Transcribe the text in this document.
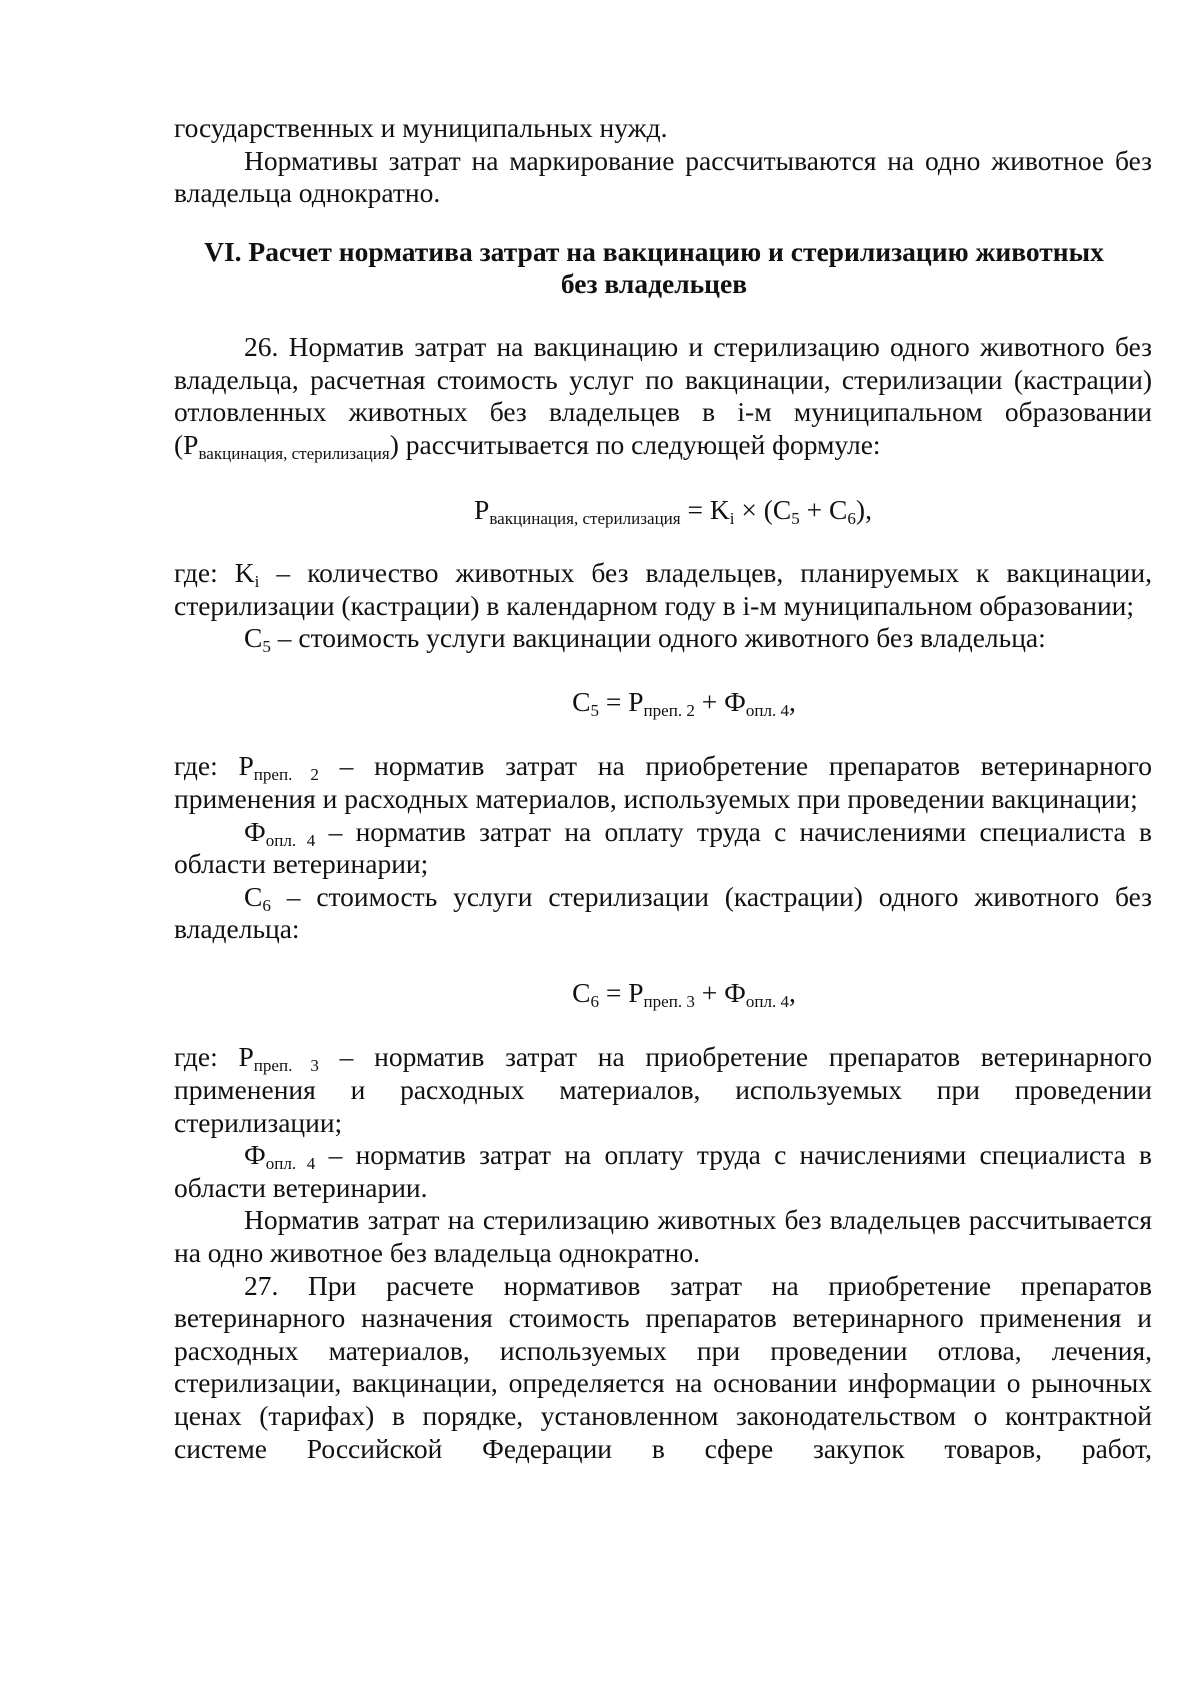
государственных и муниципальных нужд.

Нормативы затрат на маркирование рассчитываются на одно животное без владельца однократно.

VI. Расчет норматива затрат на вакцинацию и стерилизацию животных
без владельцев

26. Норматив затрат на вакцинацию и стерилизацию одного животного без владельца, расчетная стоимость услуг по вакцинации, стерилизации (кастрации) отловленных животных без владельцев в i-м муниципальном образовании $(Р_{вакцинация, стерилизация})$ рассчитывается по следующей формуле:

$Р_{вакцинация, стерилизация} = K_i \times (C_5 + C_6)$,

где: $K_i$ – количество животных без владельцев, планируемых к вакцинации, стерилизации (кастрации) в календарном году в i-м муниципальном образовании;

$C_5$ – стоимость услуги вакцинации одного животного без владельца:

$C_5 = Р_{преп. 2} + Ф_{опл. 4}$,

где: $Р_{преп. 2}$ – норматив затрат на приобретение препаратов ветеринарного применения и расходных материалов, используемых при проведении вакцинации;

$Ф_{опл. 4}$ – норматив затрат на оплату труда с начислениями специалиста в области ветеринарии;

$C_6$ – стоимость услуги стерилизации (кастрации) одного животного без владельца:

$C_6 = Р_{преп. 3} + Ф_{опл. 4}$,

где: $Р_{преп. 3}$ – норматив затрат на приобретение препаратов ветеринарного применения и расходных материалов, используемых при проведении стерилизации;

$Ф_{опл. 4}$ – норматив затрат на оплату труда с начислениями специалиста в области ветеринарии.

Норматив затрат на стерилизацию животных без владельцев рассчитывается на одно животное без владельца однократно.

27. При расчете нормативов затрат на приобретение препаратов ветеринарного назначения стоимость препаратов ветеринарного применения и расходных материалов, используемых при проведении отлова, лечения, стерилизации, вакцинации, определяется на основании информации о рыночных ценах (тарифах) в порядке, установленном законодательством о контрактной системе Российской Федерации в сфере закупок товаров, работ,
